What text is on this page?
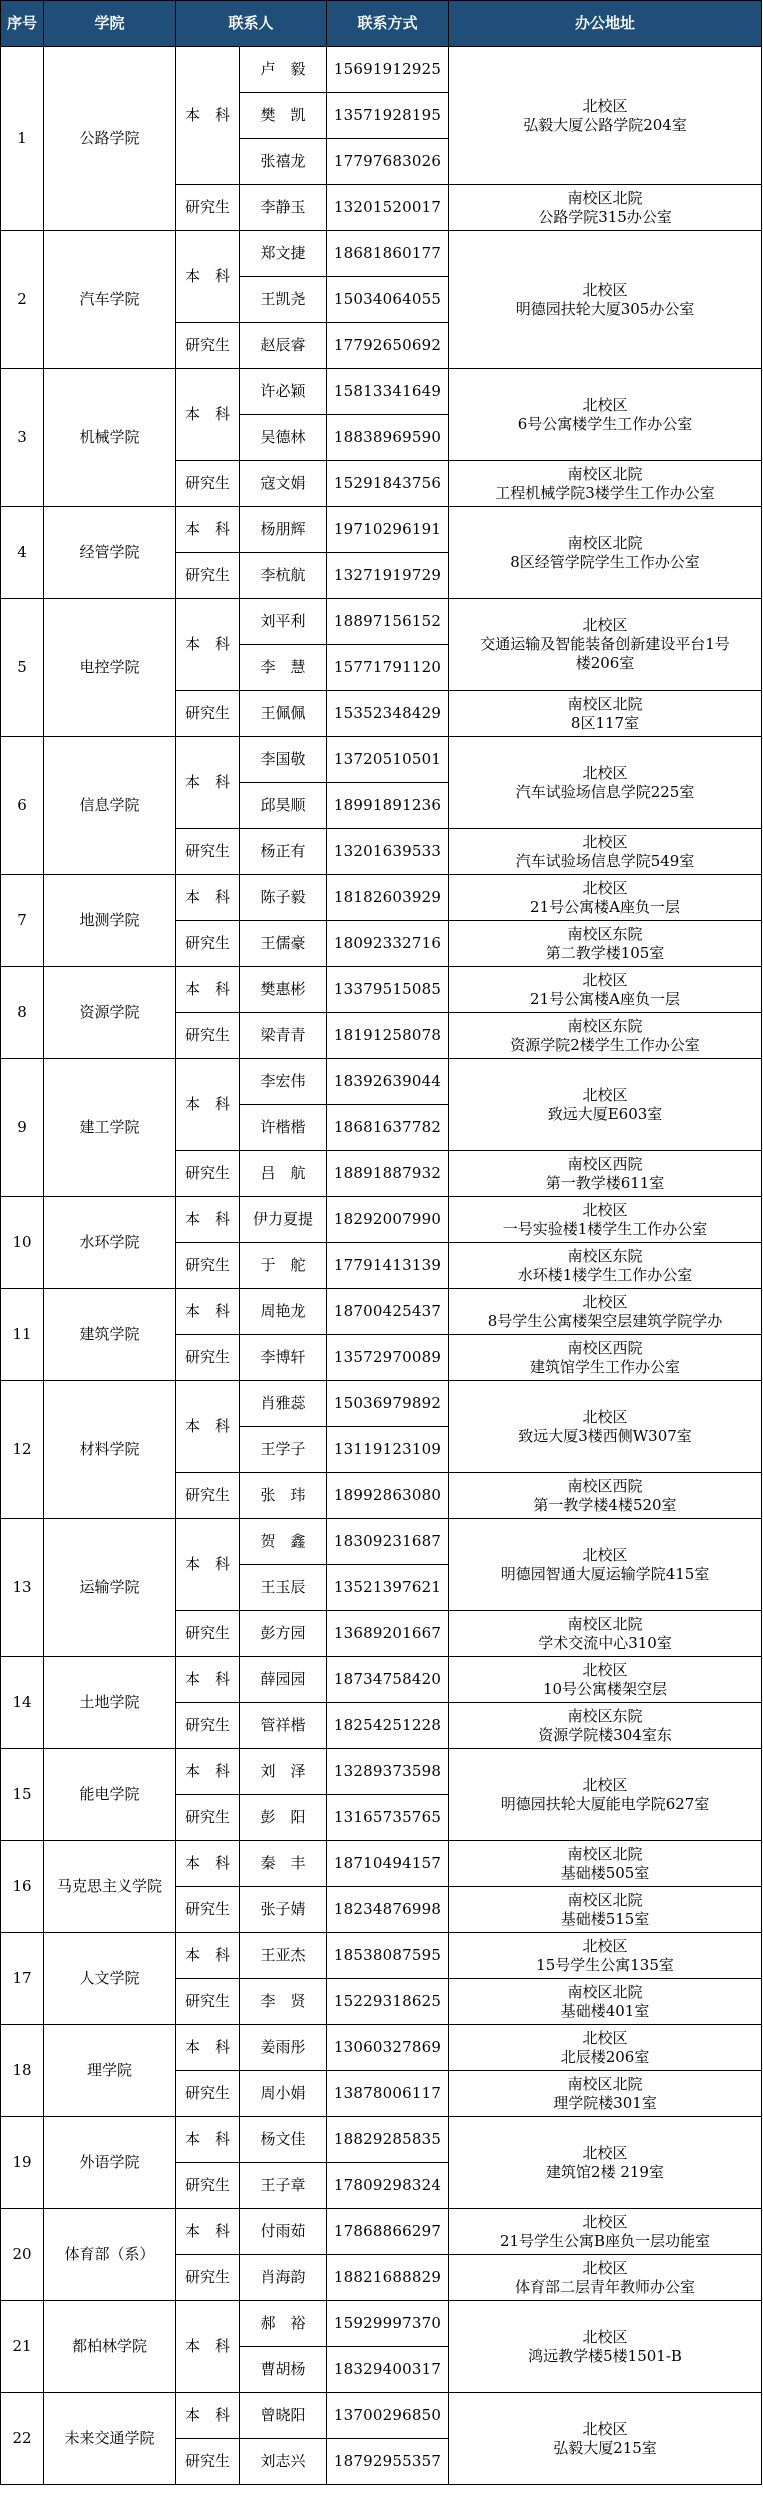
序号	学院	联系人		联系方式	办公地址
1	公路学院	本　科	卢　毅	15691912925	北校区
弘毅大厦公路学院204室

			樊　凯	13571928195	
			张禧龙	17797683026	
		研究生	李静玉	13201520017	南校区北院
公路学院315办公室

2	汽车学院	本　科	郑文捷	18681860177	北校区
明德园扶轮大厦305办公室

			王凯尧	15034064055	
		研究生	赵辰睿	17792650692	
3	机械学院	本　科	许必颖	15813341649	北校区
6号公寓楼学生工作办公室

			吴德林	18838969590	
		研究生	寇文娟	15291843756	南校区北院
工程机械学院3楼学生工作办公室

4	经管学院	本　科	杨朋辉	19710296191	南校区北院
8区经管学院学生工作办公室

		研究生	李杭航	13271919729	
5	电控学院	本　科	刘平利	18897156152	北校区
交通运输及智能装备创新建设平台1号
楼206室

			李　慧	15771791120	
		研究生	王佩佩	15352348429	南校区北院
8区117室

6	信息学院	本　科	李国敬	13720510501	北校区
汽车试验场信息学院225室

			邱昊顺	18991891236	
		研究生	杨正有	13201639533	北校区
汽车试验场信息学院549室

7	地测学院	本　科	陈子毅	18182603929	北校区
21号公寓楼A座负一层

		研究生	王儒豪	18092332716	南校区东院
第二教学楼105室

8	资源学院	本　科	樊惠彬	13379515085	北校区
21号公寓楼A座负一层

		研究生	梁青青	18191258078	南校区东院
资源学院2楼学生工作办公室

9	建工学院	本　科	李宏伟	18392639044	北校区
致远大厦E603室

			许楷楷	18681637782	
		研究生	吕　航	18891887932	南校区西院
第一教学楼611室

10	水环学院	本　科	伊力夏提	18292007990	北校区
一号实验楼1楼学生工作办公室

		研究生	于　舵	17791413139	南校区东院
水环楼1楼学生工作办公室

11	建筑学院	本　科	周艳龙	18700425437	北校区
8号学生公寓楼架空层建筑学院学办

		研究生	李博轩	13572970089	南校区西院
建筑馆学生工作办公室

12	材料学院	本　科	肖雅蕊	15036979892	北校区
致远大厦3楼西侧W307室

			王学子	13119123109	
		研究生	张　玮	18992863080	南校区西院
第一教学楼4楼520室

13	运输学院	本　科	贺　鑫	18309231687	北校区
明德园智通大厦运输学院415室

			王玉辰	13521397621	
		研究生	彭方园	13689201667	南校区北院
学术交流中心310室

14	土地学院	本　科	薛园园	18734758420	北校区
10号公寓楼架空层

		研究生	管祥楷	18254251228	南校区东院
资源学院楼304室东

15	能电学院	本　科	刘　泽	13289373598	北校区
明德园扶轮大厦能电学院627室

		研究生	彭　阳	13165735765	
16	马克思主义学院	本　科	秦　丰	18710494157	南校区北院
基础楼505室

		研究生	张子婧	18234876998	南校区北院
基础楼515室

17	人文学院	本　科	王亚杰	18538087595	北校区
15号学生公寓135室

		研究生	李　贤	15229318625	南校区北院
基础楼401室

18	理学院	本　科	姜雨彤	13060327869	北校区
北辰楼206室

		研究生	周小娟	13878006117	南校区北院
理学院楼301室

19	外语学院	本　科	杨文佳	18829285835	北校区
建筑馆2楼 219室

		研究生	王子章	17809298324	
20	体育部（系）	本　科	付雨茹	17868866297	北校区
21号学生公寓B座负一层功能室

		研究生	肖海韵	18821688829	北校区
体育部二层青年教师办公室

21	都柏林学院	本　科	郝　裕	15929997370	北校区
鸿远教学楼5楼1501-B

			曹胡杨	18329400317	
22	未来交通学院	本　科	曾晓阳	13700296850	北校区
弘毅大厦215室

		研究生	刘志兴	18792955357	
